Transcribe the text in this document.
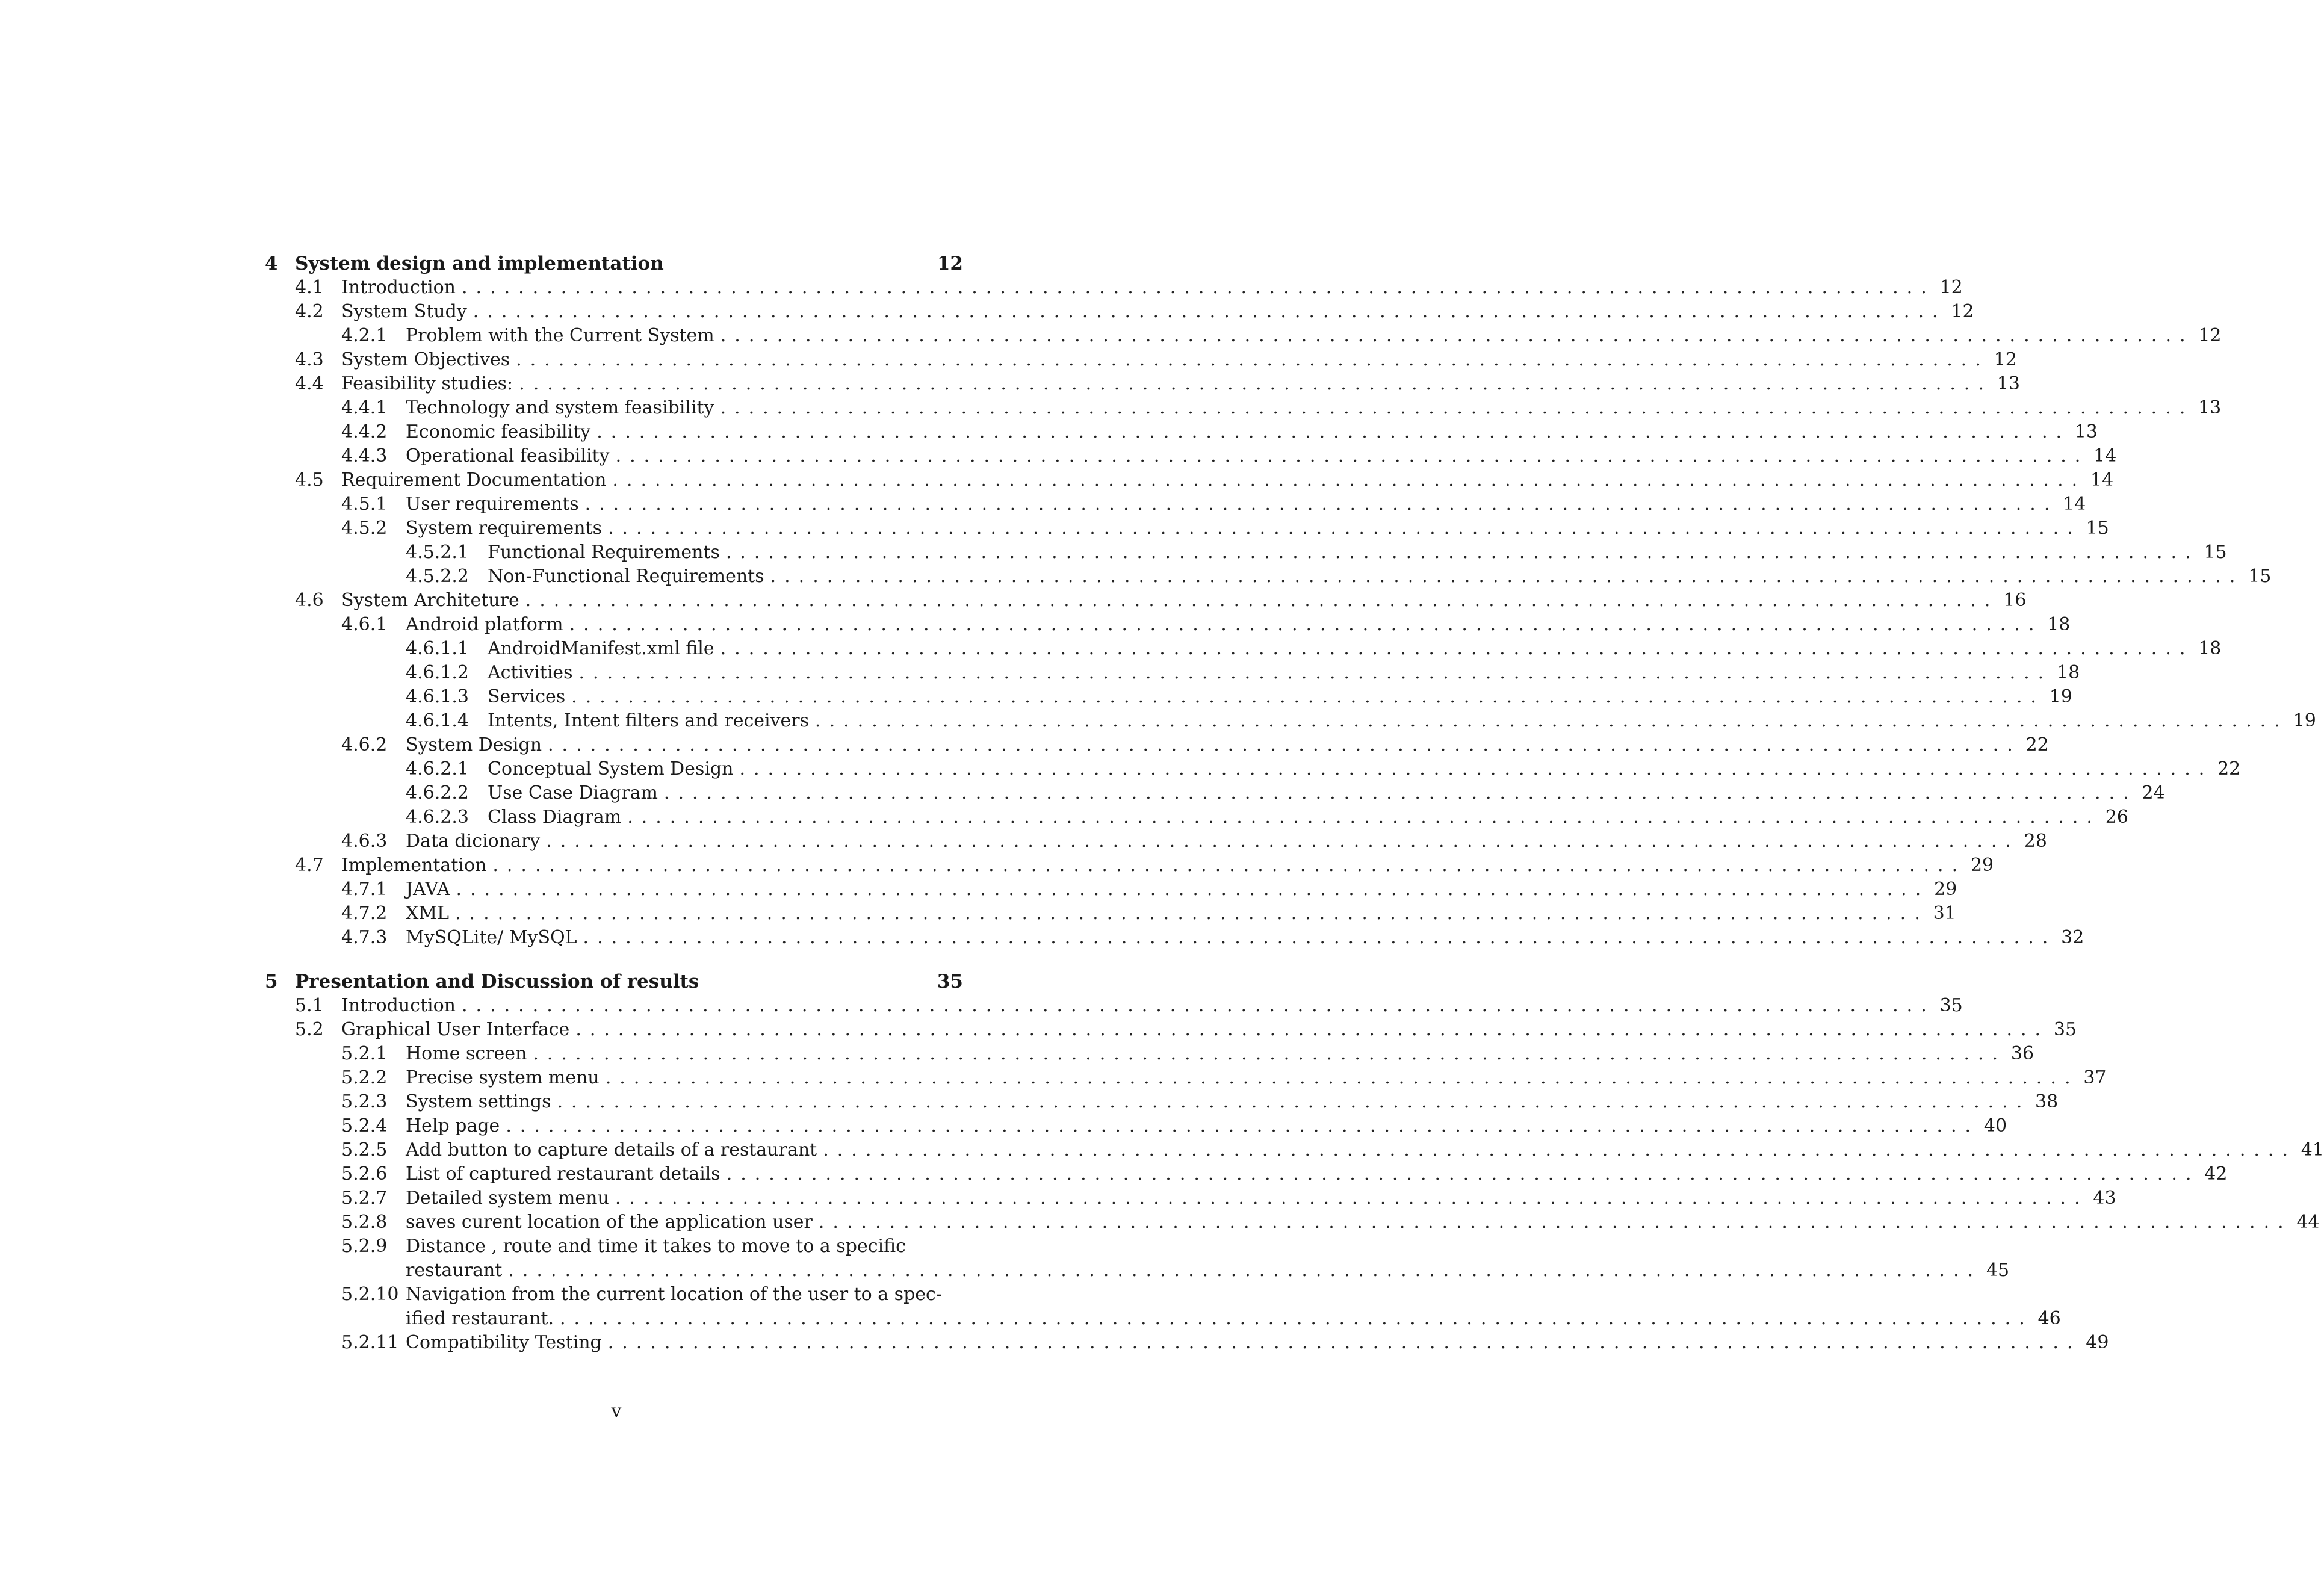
4 System design and implementation	12
4.1 Introduction ........................................................................................................ 12
4.2 System Study ........................................................................................................ 12
4.2.1	Problem with the Current System ........................................................................................................ 12
4.3 System Objectives ........................................................................................................ 12
4.4 Feasibility studies: ........................................................................................................ 13
4.4.1	Technology and system feasibility ........................................................................................................ 13
4.4.2	Economic feasibility ........................................................................................................ 13
4.4.3	Operational feasibility ........................................................................................................ 14
4.5 Requirement Documentation ........................................................................................................ 14
4.5.1	User requirements ........................................................................................................ 14
4.5.2	System requirements ........................................................................................................ 15
4.5.2.1	Functional Requirements ........................................................................................................ 15
4.5.2.2	Non-Functional Requirements ........................................................................................................ 15
4.6 System Architeture ........................................................................................................ 16
4.6.1	Android platform ........................................................................................................ 18
4.6.1.1	AndroidManifest.xml file ........................................................................................................ 18
4.6.1.2	Activities ........................................................................................................ 18
4.6.1.3	Services ........................................................................................................ 19
4.6.1.4	Intents, Intent filters and receivers ........................................................................................................ 19
4.6.2	System Design ........................................................................................................ 22
4.6.2.1	Conceptual System Design ........................................................................................................ 22
4.6.2.2	Use Case Diagram ........................................................................................................ 24
4.6.2.3	Class Diagram ........................................................................................................ 26
4.6.3	Data dicionary ........................................................................................................ 28
4.7 Implementation ........................................................................................................ 29
4.7.1	JAVA ........................................................................................................ 29
4.7.2	XML ........................................................................................................ 31
4.7.3	MySQLite/ MySQL ........................................................................................................ 32
5 Presentation and Discussion of results	35
5.1 Introduction ........................................................................................................ 35
5.2 Graphical User Interface ........................................................................................................ 35
5.2.1	Home screen ........................................................................................................ 36
5.2.2	Precise system menu ........................................................................................................ 37
5.2.3	System settings ........................................................................................................ 38
5.2.4	Help page ........................................................................................................ 40
5.2.5	Add button to capture details of a restaurant ........................................................................................................ 41
5.2.6	List of captured restaurant details ........................................................................................................ 42
5.2.7	Detailed system menu ........................................................................................................ 43
5.2.8	saves curent location of the application user ........................................................................................................ 44
5.2.9	Distance , route and time it takes to move to a specific
restaurant ........................................................................................................ 45
5.2.10 Navigation from the current location of the user to a spec-
ified restaurant. ........................................................................................................ 46
5.2.11 Compatibility Testing ........................................................................................................ 49
v
